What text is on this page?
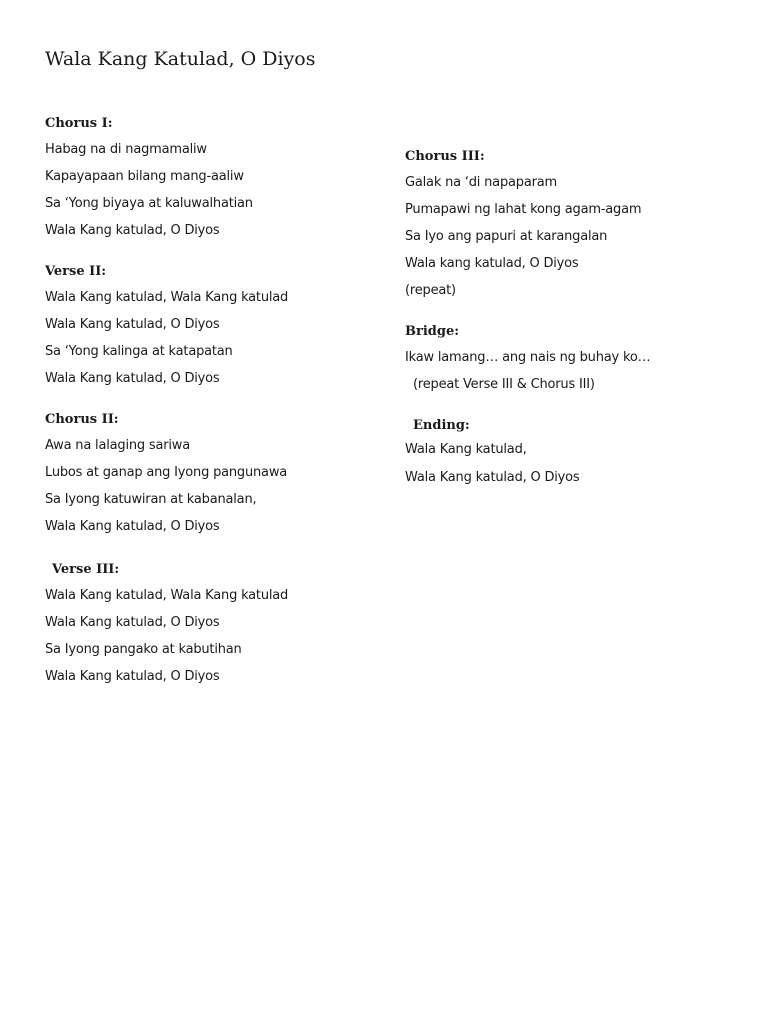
Wala Kang Katulad, O Diyos
Chorus I:
Habag na di nagmamaliw
Kapayapaan bilang mang-aaliw
Sa ‘Yong biyaya at kaluwalhatian
Wala Kang katulad, O Diyos
Verse II:
Wala Kang katulad, Wala Kang katulad
Wala Kang katulad, O Diyos
Sa ‘Yong kalinga at katapatan
Wala Kang katulad, O Diyos
Chorus II:
Awa na lalaging sariwa
Lubos at ganap ang Iyong pangunawa
Sa Iyong katuwiran at kabanalan,
Wala Kang katulad, O Diyos
Verse III:
Wala Kang katulad, Wala Kang katulad
Wala Kang katulad, O Diyos
Sa Iyong pangako at kabutihan
Wala Kang katulad, O Diyos
Chorus III:
Galak na ‘di napaparam
Pumapawi ng lahat kong agam-agam
Sa Iyo ang papuri at karangalan
Wala kang katulad, O Diyos
(repeat)
Bridge:
Ikaw lamang… ang nais ng buhay ko…
(repeat Verse III & Chorus III)
Ending:
Wala Kang katulad,
Wala Kang katulad, O Diyos
